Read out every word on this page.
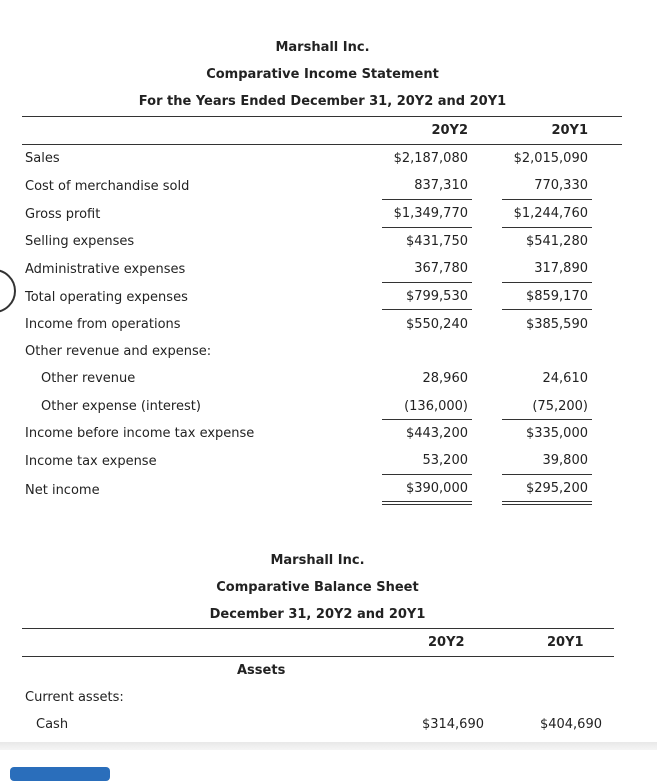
Marshall Inc.
Comparative Income Statement
For the Years Ended December 31, 20Y2 and 20Y1
20Y2	20Y1
Sales	$2,187,080	$2,015,090
Cost of merchandise sold	837,310	770,330
Gross profit	$1,349,770	$1,244,760
Selling expenses	$431,750	$541,280
Administrative expenses	367,780	317,890
Total operating expenses	$799,530	$859,170
Income from operations	$550,240	$385,590
Other revenue and expense:
Other revenue	28,960	24,610
Other expense (interest)	(136,000)	(75,200)
Income before income tax expense	$443,200	$335,000
Income tax expense	53,200	39,800
Net income	$390,000	$295,200
Marshall Inc.
Comparative Balance Sheet
December 31, 20Y2 and 20Y1
20Y2	20Y1
Assets
Current assets:
Cash	$314,690	$404,690
